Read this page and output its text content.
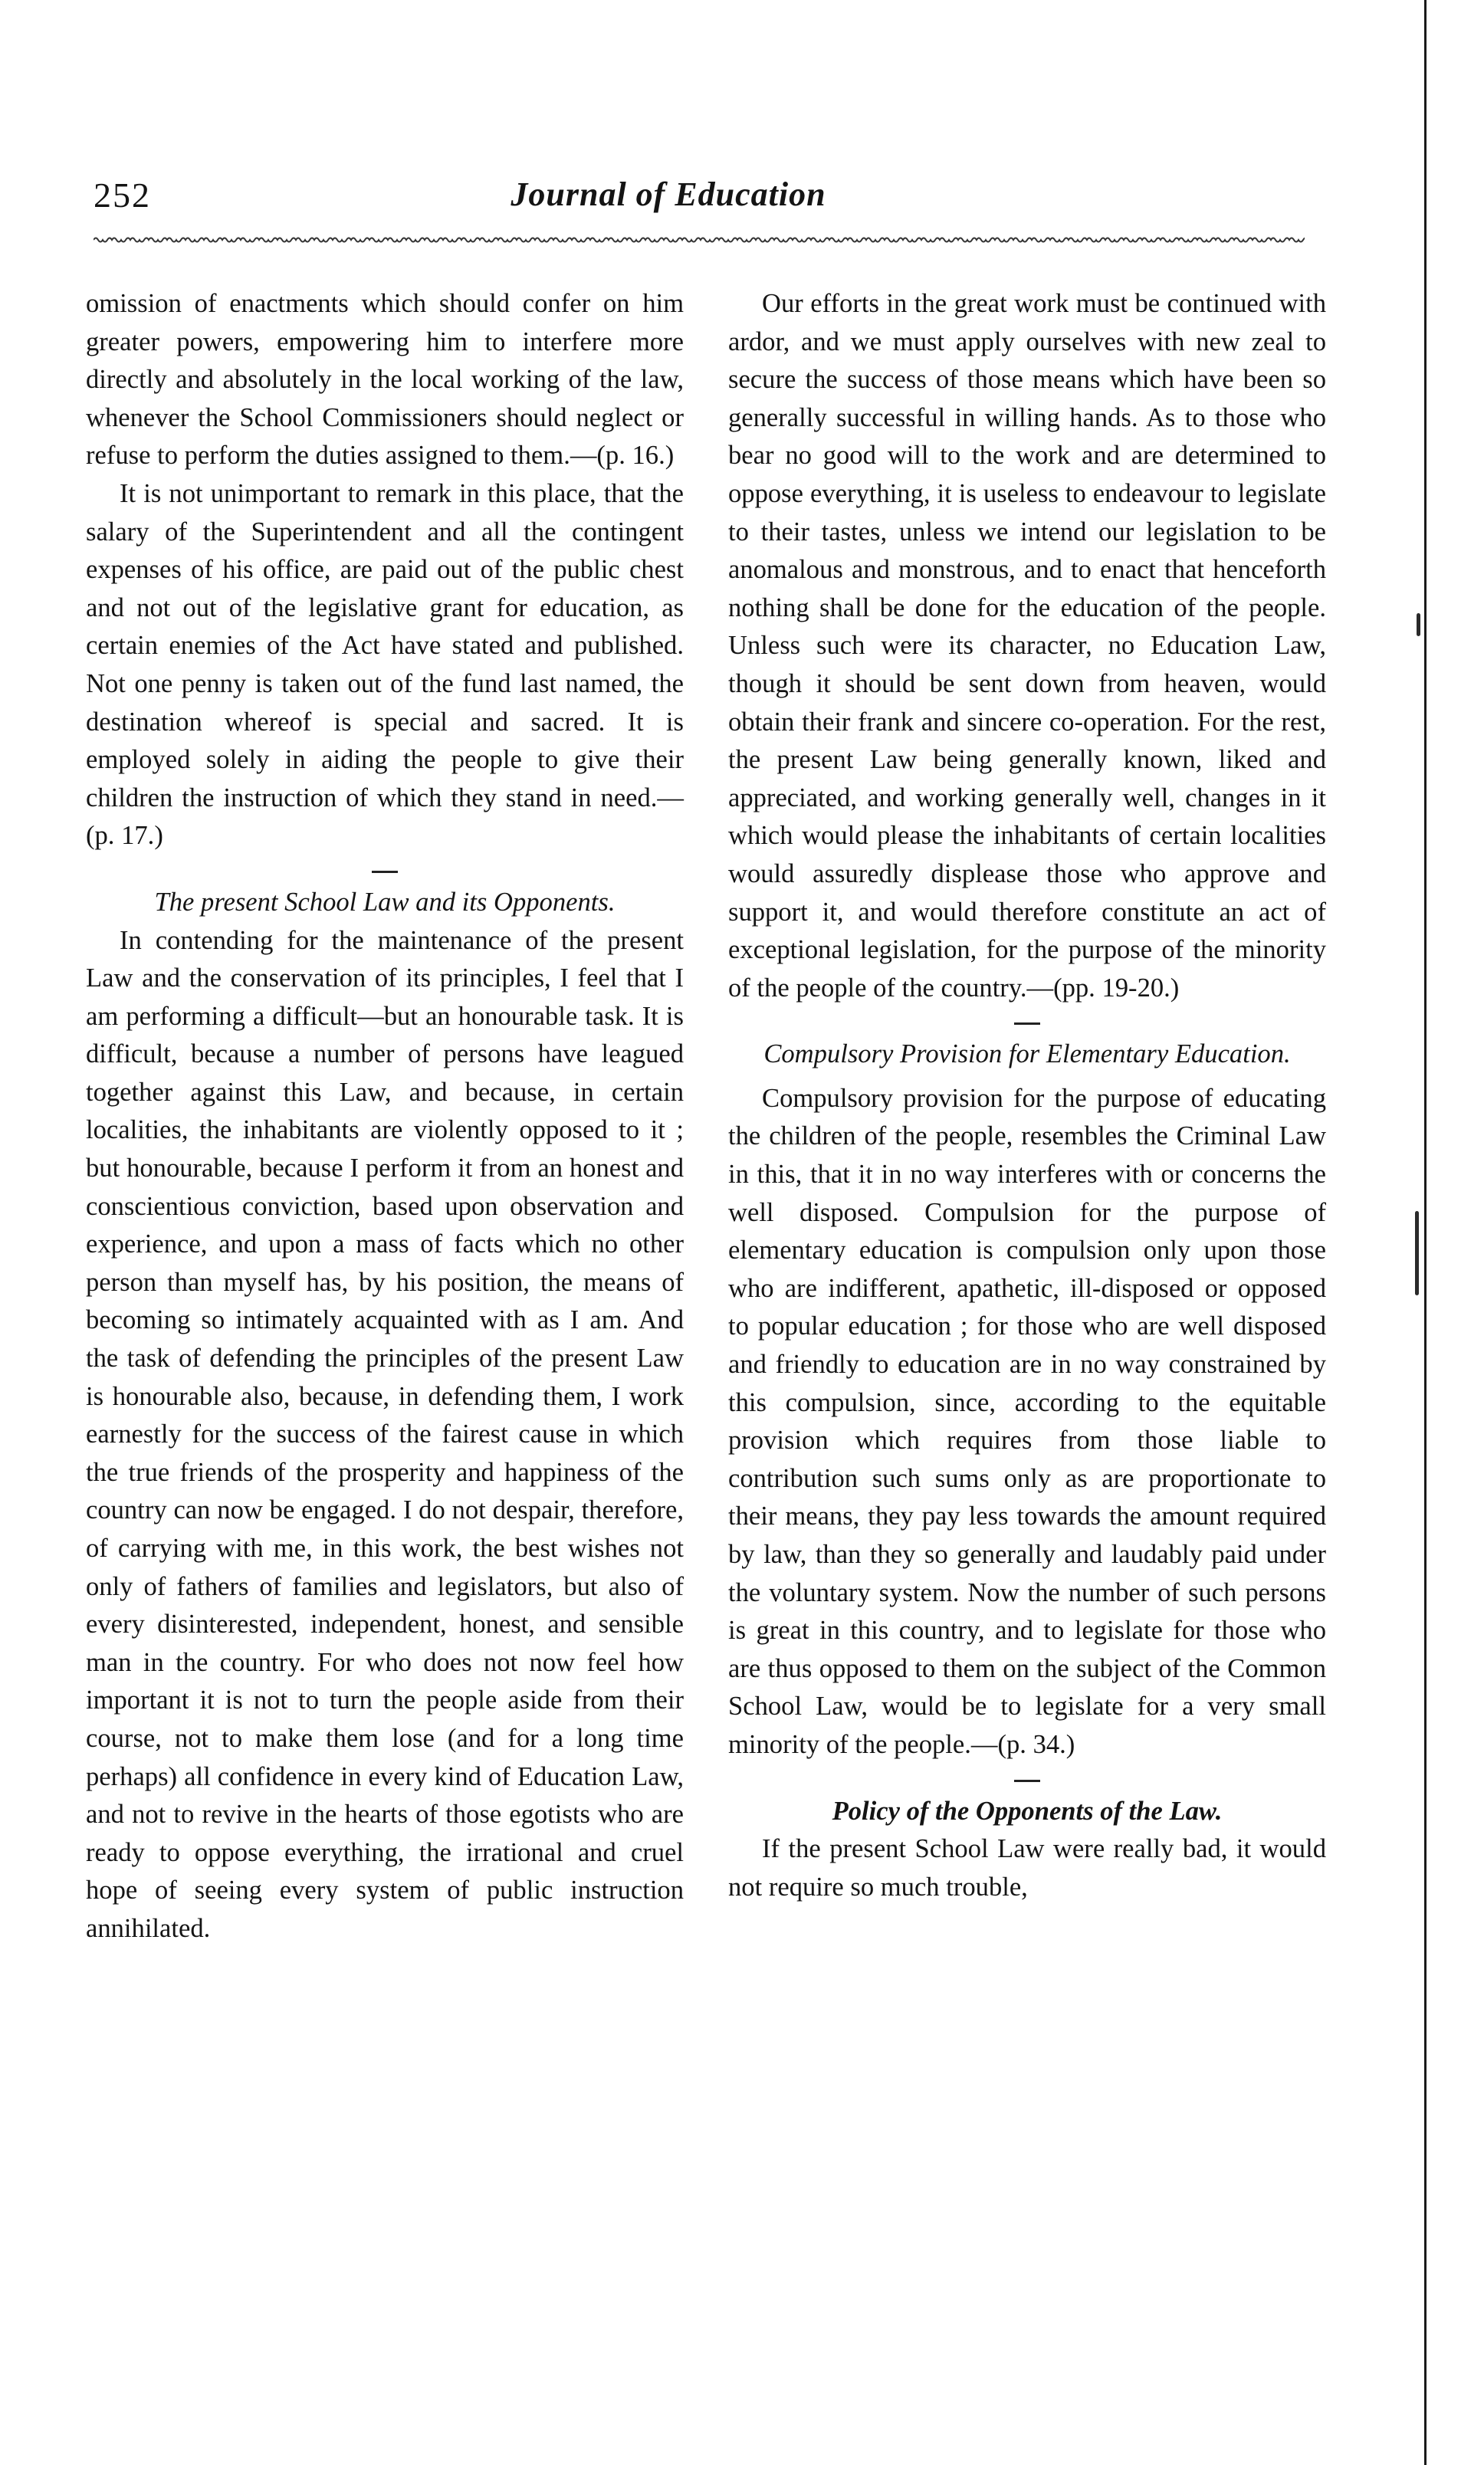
252	Journal of Education

omission of enactments which should confer on him greater powers, empowering him to interfere more directly and absolutely in the local working of the law, whenever the School Commissioners should neglect or refuse to perform the duties assigned to them.—(p. 16.)

It is not unimportant to remark in this place, that the salary of the Superintendent and all the contingent expenses of his office, are paid out of the public chest and not out of the legislative grant for education, as certain enemies of the Act have stated and published. Not one penny is taken out of the fund last named, the destination whereof is special and sacred. It is employed solely in aiding the people to give their children the instruction of which they stand in need.—(p. 17.)

The present School Law and its Opponents.

In contending for the maintenance of the present Law and the conservation of its principles, I feel that I am performing a difficult—but an honourable task. It is difficult, because a number of persons have leagued together against this Law, and because, in certain localities, the inhabitants are violently opposed to it ; but honourable, because I perform it from an honest and conscientious conviction, based upon observation and experience, and upon a mass of facts which no other person than myself has, by his position, the means of becoming so intimately acquainted with as I am. And the task of defending the principles of the present Law is honourable also, because, in defending them, I work earnestly for the success of the fairest cause in which the true friends of the prosperity and happiness of the country can now be engaged. I do not despair, therefore, of carrying with me, in this work, the best wishes not only of fathers of families and legislators, but also of every disinterested, independent, honest, and sensible man in the country. For who does not now feel how important it is not to turn the people aside from their course, not to make them lose (and for a long time perhaps) all confidence in every kind of Education Law, and not to revive in the hearts of those egotists who are ready to oppose everything, the irrational and cruel hope of seeing every system of public instruction annihilated.

Our efforts in the great work must be continued with ardor, and we must apply ourselves with new zeal to secure the success of those means which have been so generally successful in willing hands. As to those who bear no good will to the work and are determined to oppose everything, it is useless to endeavour to legislate to their tastes, unless we intend our legislation to be anomalous and monstrous, and to enact that henceforth nothing shall be done for the education of the people. Unless such were its character, no Education Law, though it should be sent down from heaven, would obtain their frank and sincere co-operation. For the rest, the present Law being generally known, liked and appreciated, and working generally well, changes in it which would please the inhabitants of certain localities would assuredly displease those who approve and support it, and would therefore constitute an act of exceptional legislation, for the purpose of the minority of the people of the country.—(pp. 19-20.)

Compulsory Provision for Elementary Education.

Compulsory provision for the purpose of educating the children of the people, resembles the Criminal Law in this, that it in no way interferes with or concerns the well disposed. Compulsion for the purpose of elementary education is compulsion only upon those who are indifferent, apathetic, ill-disposed or opposed to popular education ; for those who are well disposed and friendly to education are in no way constrained by this compulsion, since, according to the equitable provision which requires from those liable to contribution such sums only as are proportionate to their means, they pay less towards the amount required by law, than they so generally and laudably paid under the voluntary system. Now the number of such persons is great in this country, and to legislate for those who are thus opposed to them on the subject of the Common School Law, would be to legislate for a very small minority of the people.—(p. 34.)

Policy of the Opponents of the Law.

If the present School Law were really bad, it would not require so much trouble,
